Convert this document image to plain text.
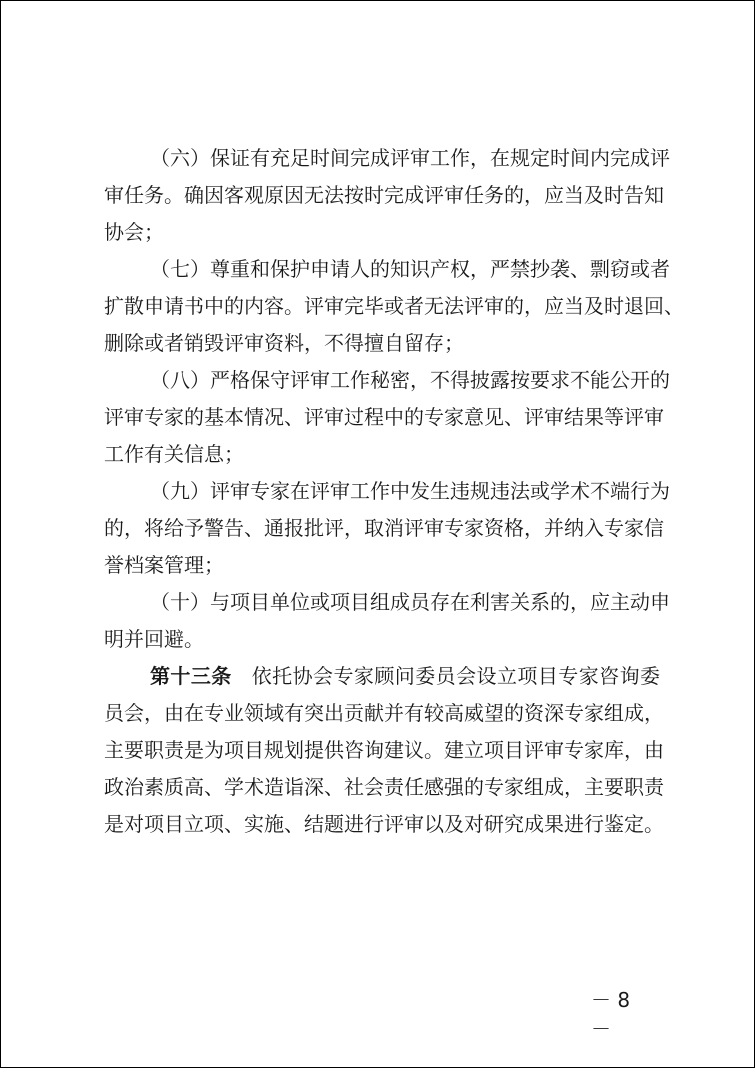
（六）保证有充足时间完成评审工作，在规定时间内完成评
审任务。确因客观原因无法按时完成评审任务的，应当及时告知
协会；
（七）尊重和保护申请人的知识产权，严禁抄袭、剽窃或者
扩散申请书中的内容。评审完毕或者无法评审的，应当及时退回、
删除或者销毁评审资料，不得擅自留存；
（八）严格保守评审工作秘密，不得披露按要求不能公开的
评审专家的基本情况、评审过程中的专家意见、评审结果等评审
工作有关信息；
（九）评审专家在评审工作中发生违规违法或学术不端行为
的，将给予警告、通报批评，取消评审专家资格，并纳入专家信
誉档案管理；
（十）与项目单位或项目组成员存在利害关系的，应主动申
明并回避。
第十三条 依托协会专家顾问委员会设立项目专家咨询委
员会，由在专业领域有突出贡献并有较高威望的资深专家组成，
主要职责是为项目规划提供咨询建议。建立项目评审专家库，由
政治素质高、学术造诣深、社会责任感强的专家组成，主要职责
是对项目立项、实施、结题进行评审以及对研究成果进行鉴定。
－ 8 －
